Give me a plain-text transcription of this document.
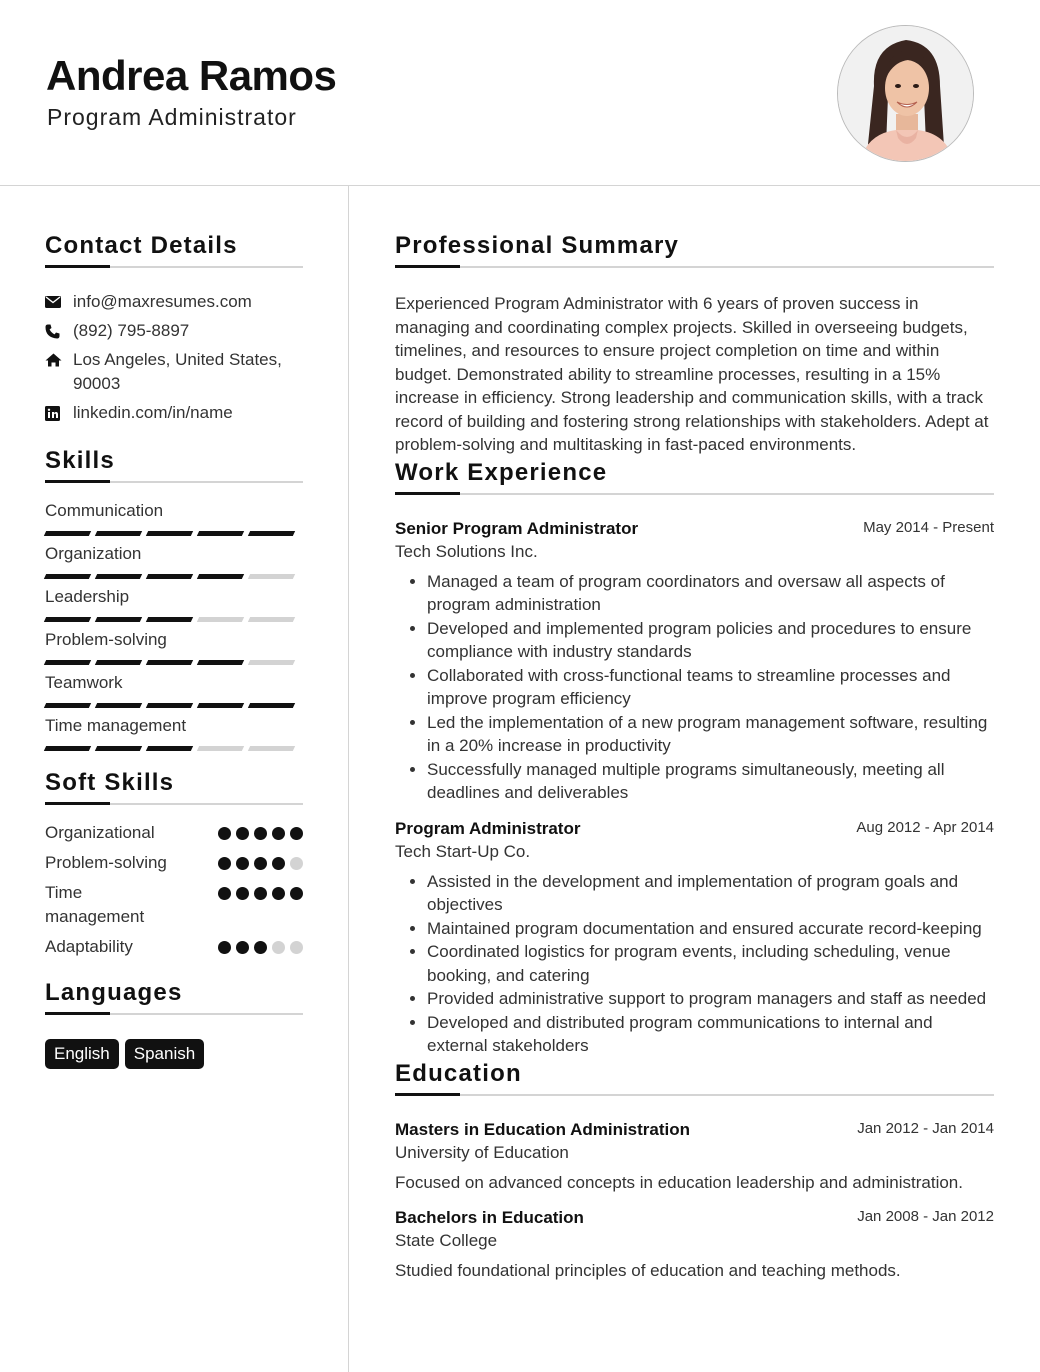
Andrea Ramos
Program Administrator
Contact Details
info@maxresumes.com
(892) 795-8897
Los Angeles, United States, 90003
linkedin.com/in/name
Skills
Communication
Organization
Leadership
Problem-solving
Teamwork
Time management
Soft Skills
Organizational
Problem-solving
Time management
Adaptability
Languages
English	Spanish
Professional Summary
Experienced Program Administrator with 6 years of proven success in managing and coordinating complex projects. Skilled in overseeing budgets, timelines, and resources to ensure project completion on time and within budget. Demonstrated ability to streamline processes, resulting in a 15% increase in efficiency. Strong leadership and communication skills, with a track record of building and fostering strong relationships with stakeholders. Adept at problem-solving and multitasking in fast-paced environments.
Work Experience
Senior Program Administrator	May 2014 - Present
Tech Solutions Inc.
• Managed a team of program coordinators and oversaw all aspects of program administration
• Developed and implemented program policies and procedures to ensure compliance with industry standards
• Collaborated with cross-functional teams to streamline processes and improve program efficiency
• Led the implementation of a new program management software, resulting in a 20% increase in productivity
• Successfully managed multiple programs simultaneously, meeting all deadlines and deliverables
Program Administrator	Aug 2012 - Apr 2014
Tech Start-Up Co.
• Assisted in the development and implementation of program goals and objectives
• Maintained program documentation and ensured accurate record-keeping
• Coordinated logistics for program events, including scheduling, venue booking, and catering
• Provided administrative support to program managers and staff as needed
• Developed and distributed program communications to internal and external stakeholders
Education
Masters in Education Administration	Jan 2012 - Jan 2014
University of Education
Focused on advanced concepts in education leadership and administration.
Bachelors in Education	Jan 2008 - Jan 2012
State College
Studied foundational principles of education and teaching methods.
